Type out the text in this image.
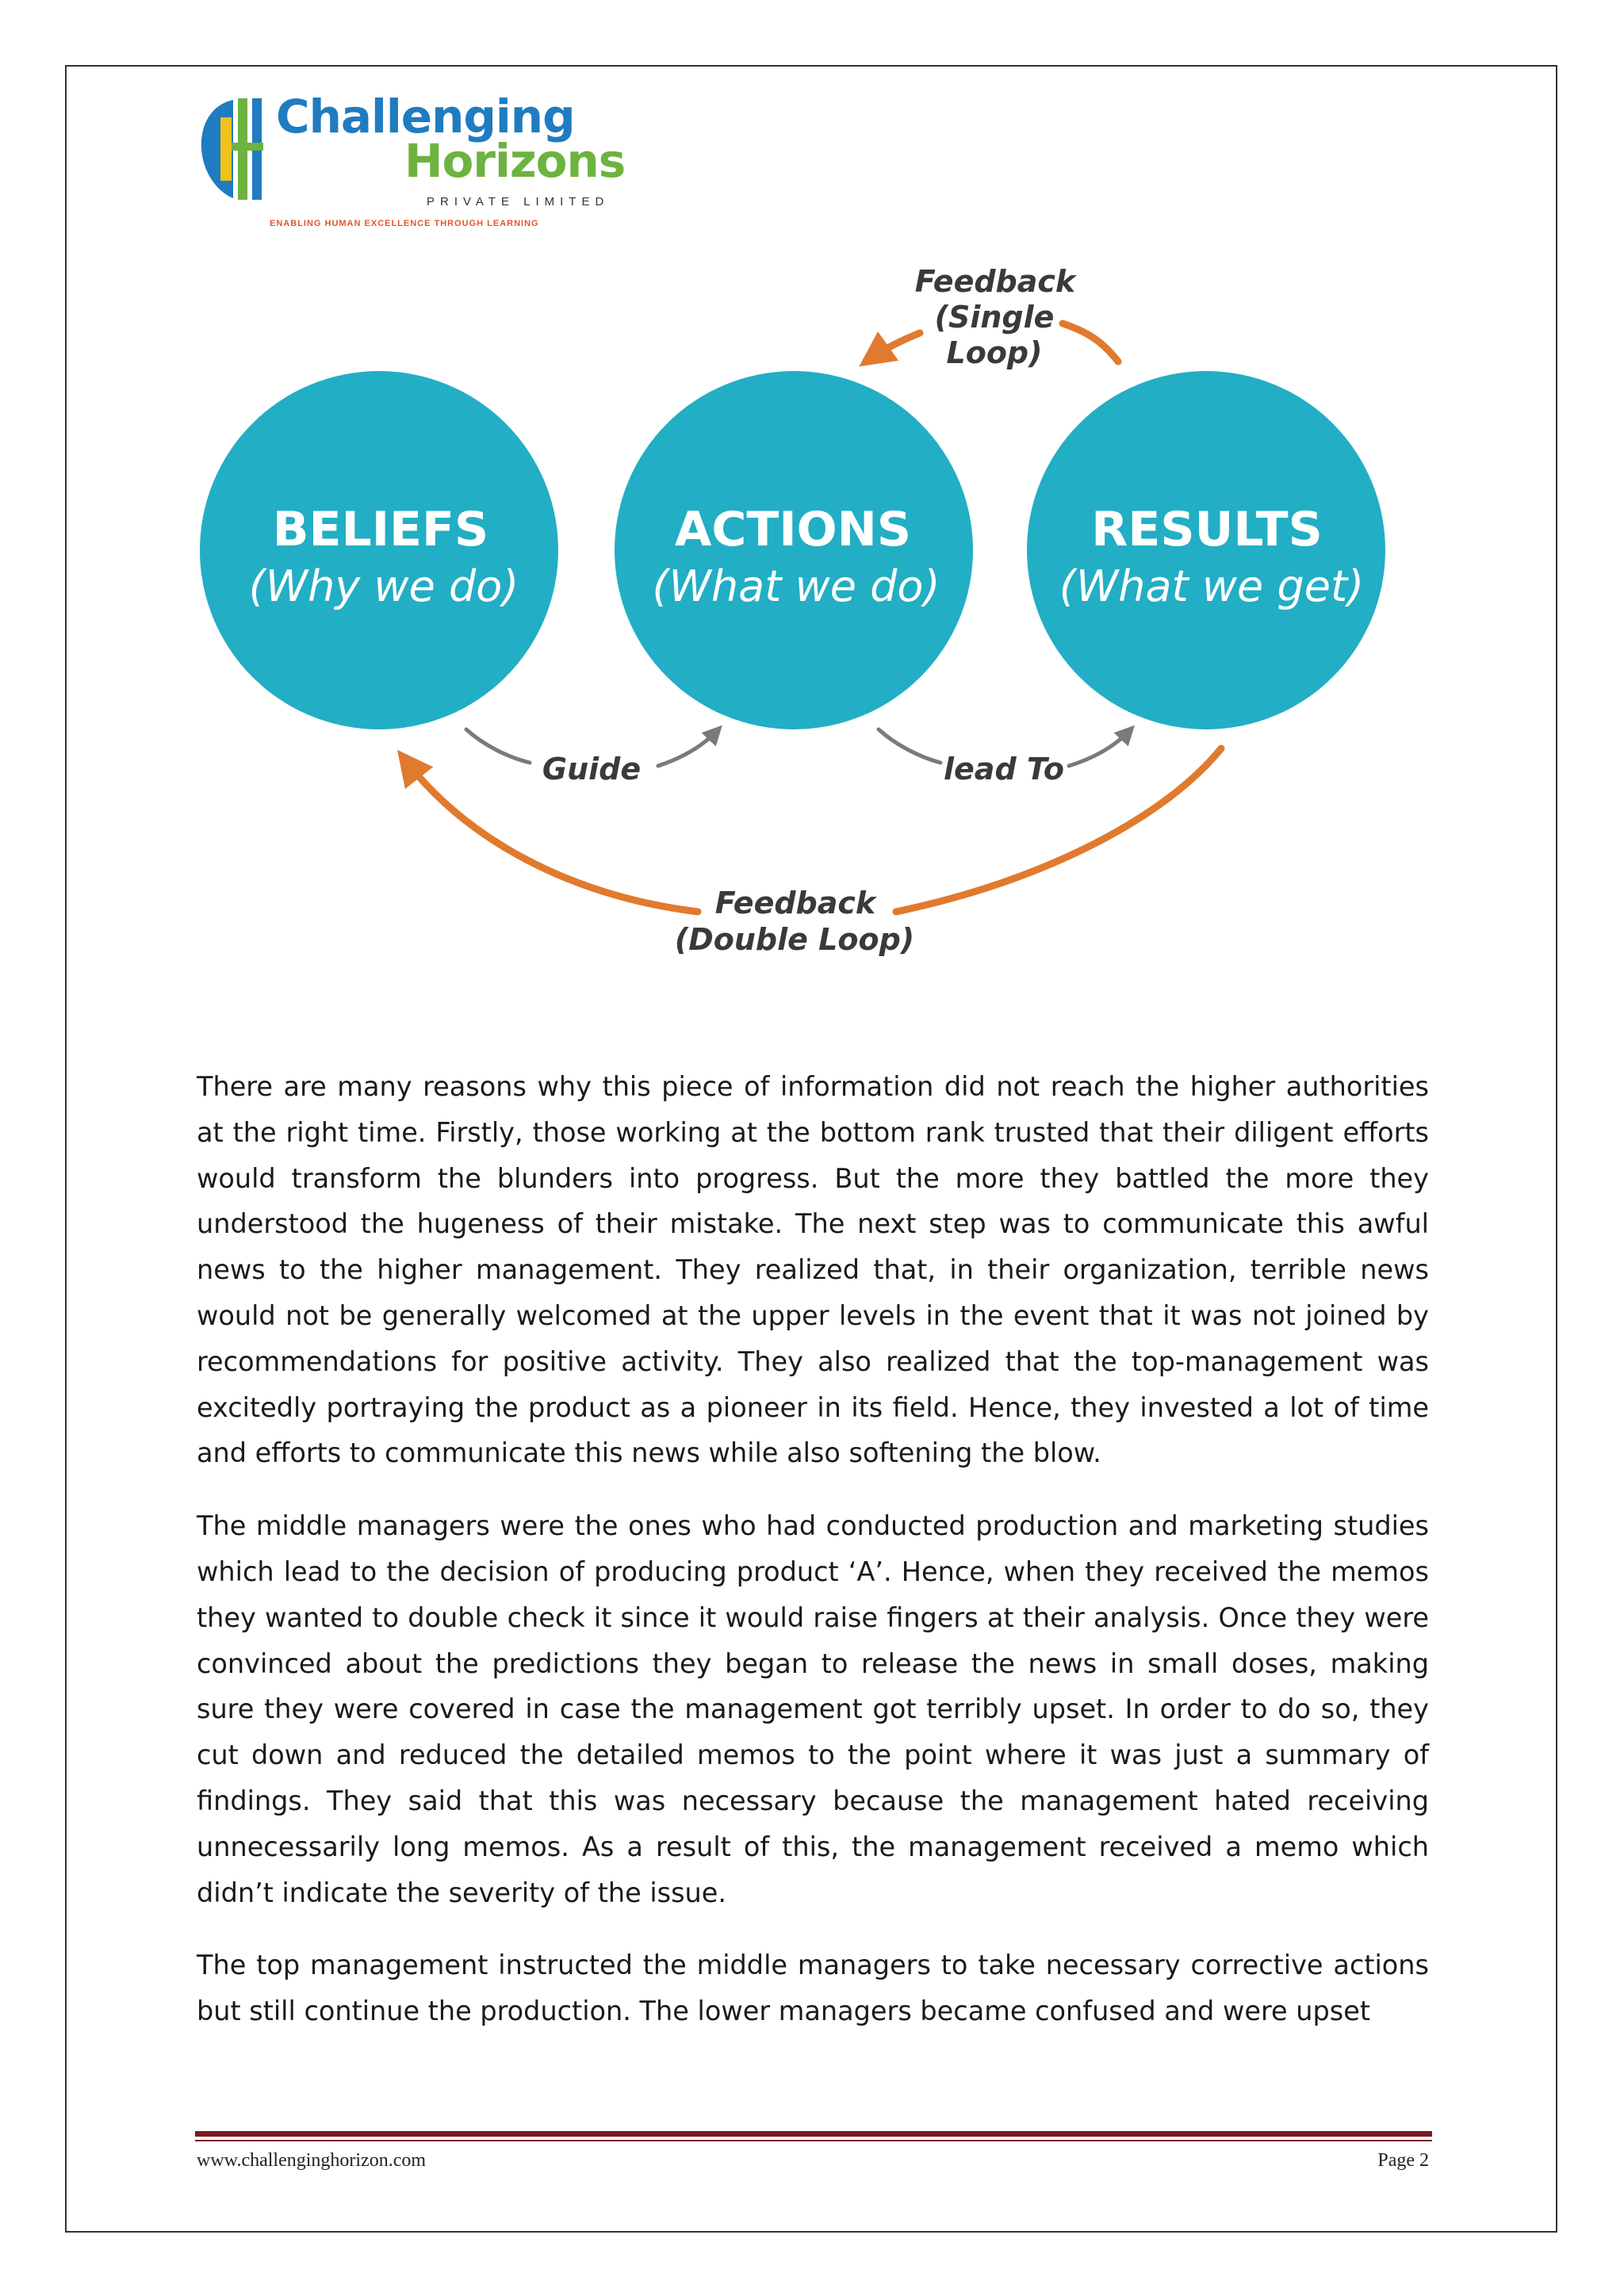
Challenging
Horizons
PRIVATE LIMITED
ENABLING HUMAN EXCELLENCE THROUGH LEARNING
BELIEFS
(Why we do)
ACTIONS
(What we do)
RESULTS
(What we get)
Feedback
(Single
Loop)
Guide	lead To
Feedback
(Double Loop)

There are many reasons why this piece of information did not reach the higher authorities at the right time. Firstly, those working at the bottom rank trusted that their diligent efforts would transform the blunders into progress. But the more they battled the more they understood the hugeness of their mistake. The next step was to communicate this awful news to the higher management. They realized that, in their organization, terrible news would not be generally welcomed at the upper levels in the event that it was not joined by recommendations for positive activity. They also realized that the top-management was excitedly portraying the product as a pioneer in its field. Hence, they invested a lot of time and efforts to communicate this news while also softening the blow.

The middle managers were the ones who had conducted production and marketing studies which lead to the decision of producing product ‘A’. Hence, when they received the memos they wanted to double check it since it would raise fingers at their analysis. Once they were convinced about the predictions they began to release the news in small doses, making sure they were covered in case the management got terribly upset. In order to do so, they cut down and reduced the detailed memos to the point where it was just a summary of findings. They said that this was necessary because the management hated receiving unnecessarily long memos. As a result of this, the management received a memo which didn’t indicate the severity of the issue.

The top management instructed the middle managers to take necessary corrective actions but still continue the production. The lower managers became confused and were upset

www.challenginghorizon.com	Page 2
